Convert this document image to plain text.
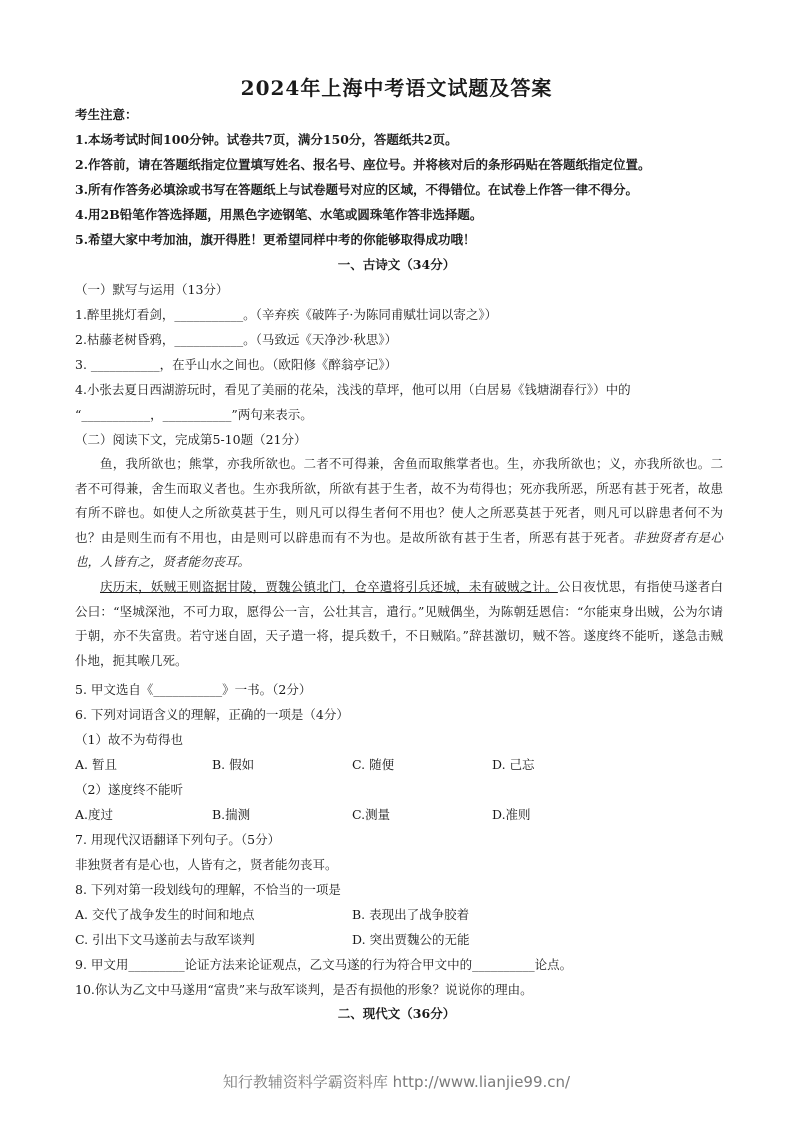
2024年上海中考语文试题及答案
考生注意：
1.本场考试时间100分钟。试卷共7页，满分150分，答题纸共2页。
2.作答前，请在答题纸指定位置填写姓名、报名号、座位号。并将核对后的条形码贴在答题纸指定位置。
3.所有作答务必填涂或书写在答题纸上与试卷题号对应的区域，不得错位。在试卷上作答一律不得分。
4.用2B铅笔作答选择题，用黑色字迹钢笔、水笔或圆珠笔作答非选择题。
5.希望大家中考加油，旗开得胜！更希望同样中考的你能够取得成功哦！
一、古诗文（34分）
（一）默写与运用（13分）
1.醉里挑灯看剑，___________。（辛弃疾《破阵子·为陈同甫赋壮词以寄之》）
2.枯藤老树昏鸦，___________。（马致远《天净沙·秋思》）
3. ___________，在乎山水之间也。（欧阳修《醉翁亭记》）
4.小张去夏日西湖游玩时，看见了美丽的花朵，浅浅的草坪，他可以用（白居易《钱塘湖春行》）中的
“___________，___________”两句来表示。
（二）阅读下文，完成第5-10题（21分）

鱼，我所欲也；熊掌，亦我所欲也。二者不可得兼，舍鱼而取熊掌者也。生，亦我所欲也；义，亦我所欲也。二者不可得兼，舍生而取义者也。生亦我所欲，所欲有甚于生者，故不为苟得也；死亦我所恶，所恶有甚于死者，故患有所不辟也。如使人之所欲莫甚于生，则凡可以得生者何不用也？使人之所恶莫甚于死者，则凡可以辟患者何不为也？由是则生而有不用也，由是则可以辟患而有不为也。是故所欲有甚于生者，所恶有甚于死者。非独贤者有是心也，人皆有之，贤者能勿丧耳。

庆历末，妖贼王则盗据甘陵，贾魏公镇北门，仓卒遣将引兵还城，未有破贼之计。公日夜忧思，有指使马遂者白公曰：“坚城深池，不可力取，愿得公一言，公壮其言，遣行。”见贼偶坐，为陈朝廷恩信：“尔能束身出贼，公为尔请于朝，亦不失富贵。若守迷自固，天子遣一将，提兵数千，不日贼陷。”辞甚激切，贼不答。遂度终不能听，遂急击贼仆地，扼其喉几死。

5. 甲文选自《___________》一书。（2分）
6. 下列对词语含义的理解，正确的一项是（4分）
（1）故不为苟得也
A. 暂且	B. 假如	C. 随便	D. 己忘
（2）遂度终不能听
A.度过	B.揣测	C.测量	D.准则
7. 用现代汉语翻译下列句子。（5分）
非独贤者有是心也，人皆有之，贤者能勿丧耳。
8. 下列对第一段划线句的理解，不恰当的一项是
A. 交代了战争发生的时间和地点	B. 表现出了战争胶着
C. 引出下文马遂前去与敌军谈判	D. 突出贾魏公的无能
9. 甲文用_________论证方法来论证观点，乙文马遂的行为符合甲文中的__________论点。
10.你认为乙文中马遂用“富贵”来与敌军谈判，是否有损他的形象？说说你的理由。
二、现代文（36分）
知行教辅资料学霸资料库 http://www.lianjie99.cn/
